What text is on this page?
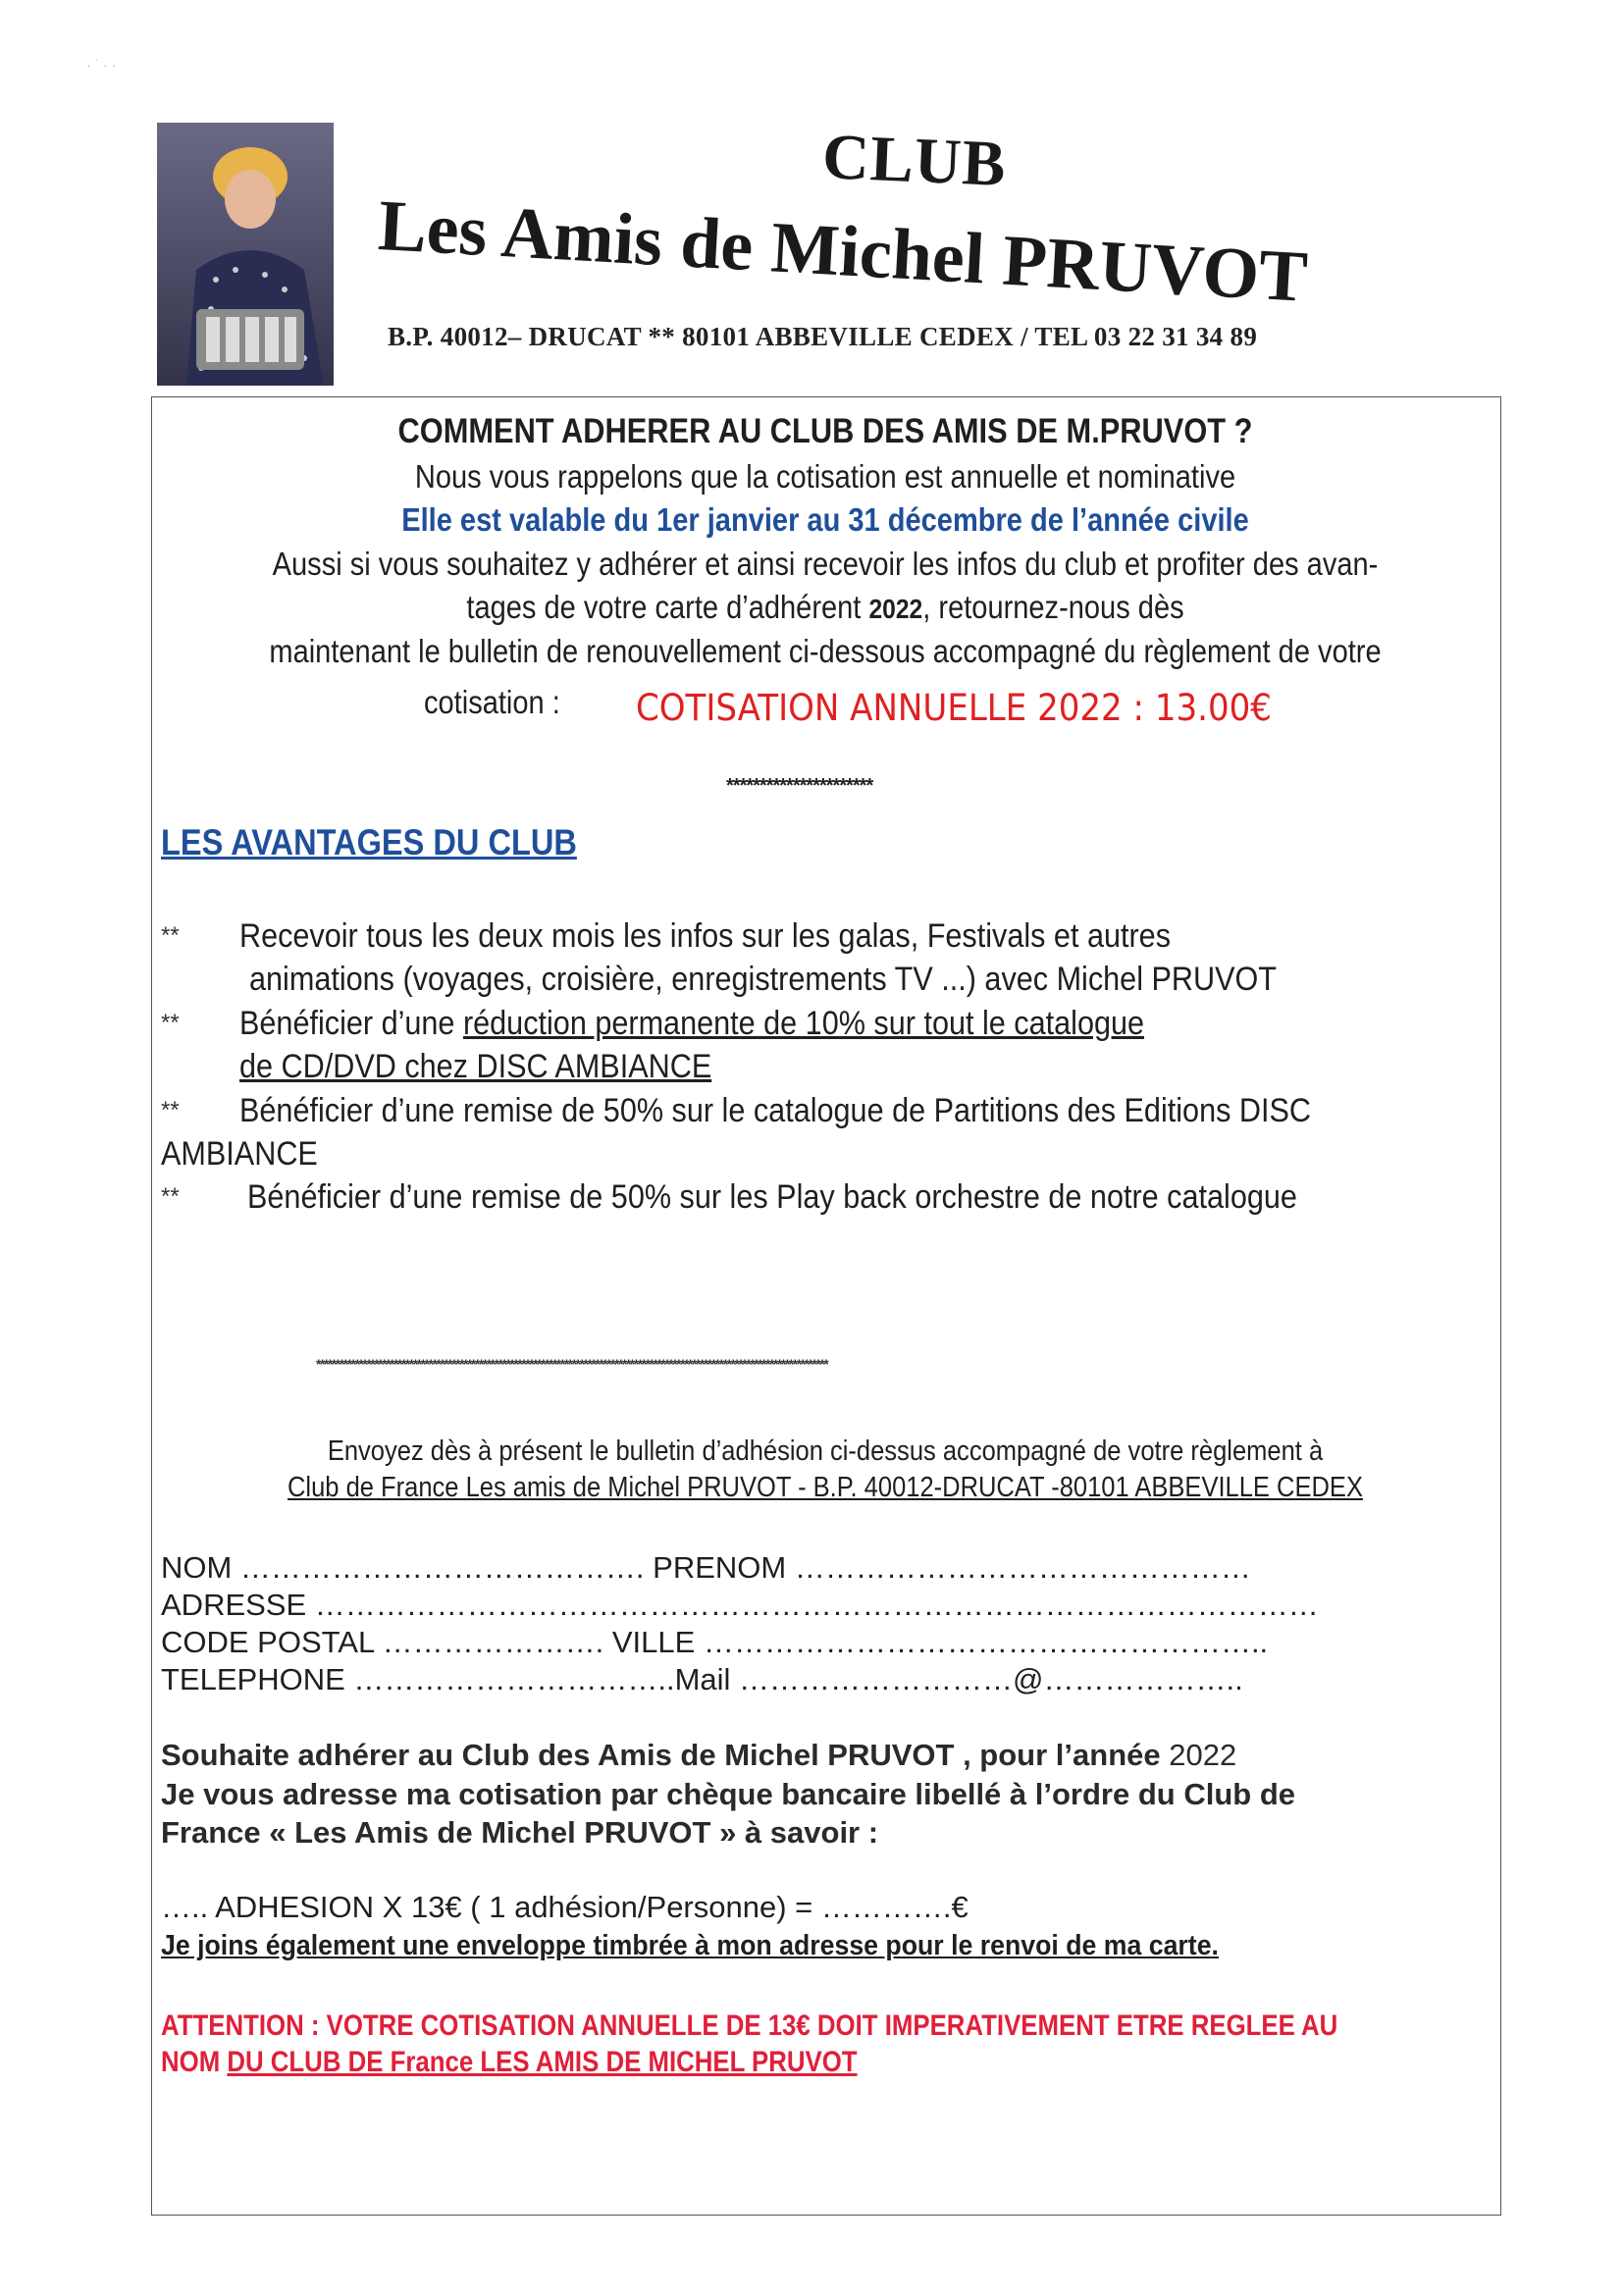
· ˙ · ·
CLUB
Les Amis de Michel PRUVOT
B.P. 40012– DRUCAT ** 80101 ABBEVILLE CEDEX / TEL 03 22 31 34 89
COMMENT ADHERER AU CLUB DES AMIS DE M.PRUVOT ?
Nous vous rappelons que la cotisation est annuelle et nominative
Elle est valable du 1er janvier au 31 décembre de l’année civile
Aussi si vous souhaitez y adhérer et ainsi recevoir les infos du club et profiter des avan-
tages de votre carte d’adhérent 2022, retournez-nous dès
maintenant le bulletin de renouvellement ci-dessous accompagné du règlement de votre
cotisation : COTISATION ANNUELLE 2022 : 13.00€
**********************
LES AVANTAGES DU CLUB
** Recevoir tous les deux mois les infos sur les galas, Festivals et autres
animations (voyages, croisière, enregistrements TV ...) avec Michel PRUVOT
** Bénéficier d’une réduction permanente de 10% sur tout le catalogue
de CD/DVD chez DISC AMBIANCE
** Bénéficier d’une remise de 50% sur le catalogue de Partitions des Editions DISC
AMBIANCE
** Bénéficier d’une remise de 50% sur les Play back orchestre de notre catalogue
************************************************************************************************************************************
Envoyez dès à présent le bulletin d’adhésion ci-dessus accompagné de votre règlement à
Club de France Les amis de Michel PRUVOT - B.P. 40012-DRUCAT -80101 ABBEVILLE CEDEX
NOM …………………………………. PRENOM ………………………………………
ADRESSE ………………………………………………………………………………………
CODE POSTAL …………………. VILLE ………………………………………………..
TELEPHONE …………………………..Mail ………………………@………………..
Souhaite adhérer au Club des Amis de Michel PRUVOT , pour l’année 2022
Je vous adresse ma cotisation par chèque bancaire libellé à l’ordre du Club de
France « Les Amis de Michel PRUVOT » à savoir :
….. ADHESION X 13€ ( 1 adhésion/Personne) = ………….€
Je joins également une enveloppe timbrée à mon adresse pour le renvoi de ma carte.
ATTENTION : VOTRE COTISATION ANNUELLE DE 13€ DOIT IMPERATIVEMENT ETRE REGLEE AU
NOM DU CLUB DE France LES AMIS DE MICHEL PRUVOT
